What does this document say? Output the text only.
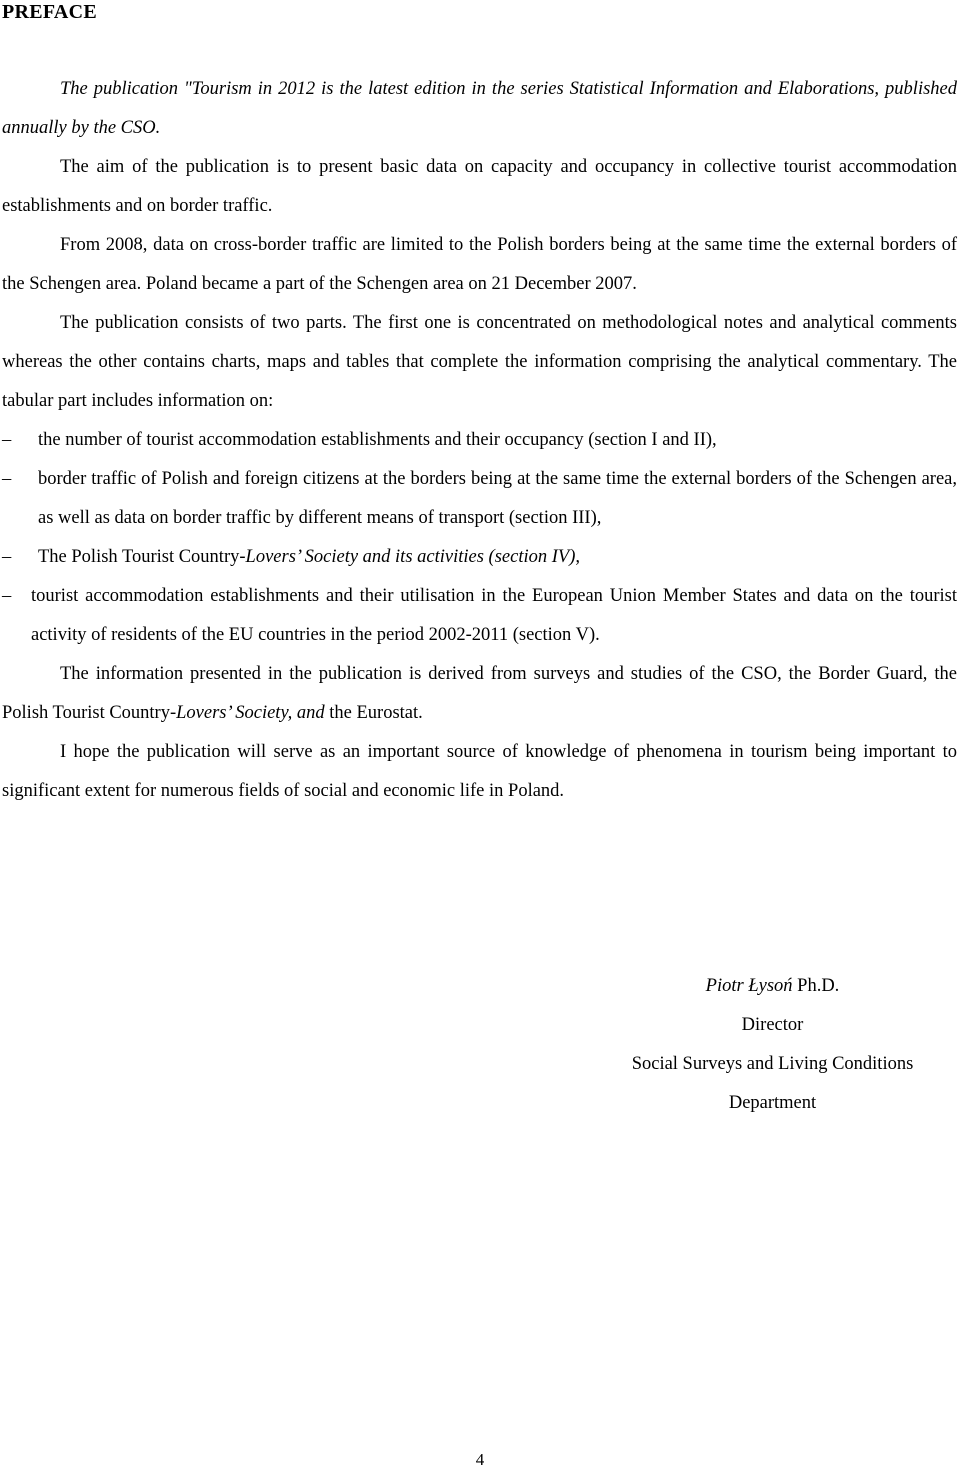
PREFACE

The publication "Tourism in 2012 is the latest edition in the series Statistical Information and Elaborations, published annually by the CSO.

The aim of the publication is to present basic data on capacity and occupancy in collective tourist accommodation establishments and on border traffic.

From 2008, data on cross-border traffic are limited to the Polish borders being at the same time the external borders of the Schengen area. Poland became a part of the Schengen area on 21 December 2007.

The publication consists of two parts. The first one is concentrated on methodological notes and analytical comments whereas the other contains charts, maps and tables that complete the information comprising the analytical commentary. The tabular part includes information on:

– the number of tourist accommodation establishments and their occupancy (section I and II),
– border traffic of Polish and foreign citizens at the borders being at the same time the external borders of the Schengen area, as well as data on border traffic by different means of transport (section III),
– The Polish Tourist Country-Lovers’ Society and its activities (section IV),
– tourist accommodation establishments and their utilisation in the European Union Member States and data on the tourist activity of residents of the EU countries in the period 2002-2011 (section V).

The information presented in the publication is derived from surveys and studies of the CSO, the Border Guard, the Polish Tourist Country-Lovers’ Society, and the Eurostat.

I hope the publication will serve as an important source of knowledge of phenomena in tourism being important to significant extent for numerous fields of social and economic life in Poland.

Piotr Łysoń Ph.D.
Director
Social Surveys and Living Conditions
Department
4
